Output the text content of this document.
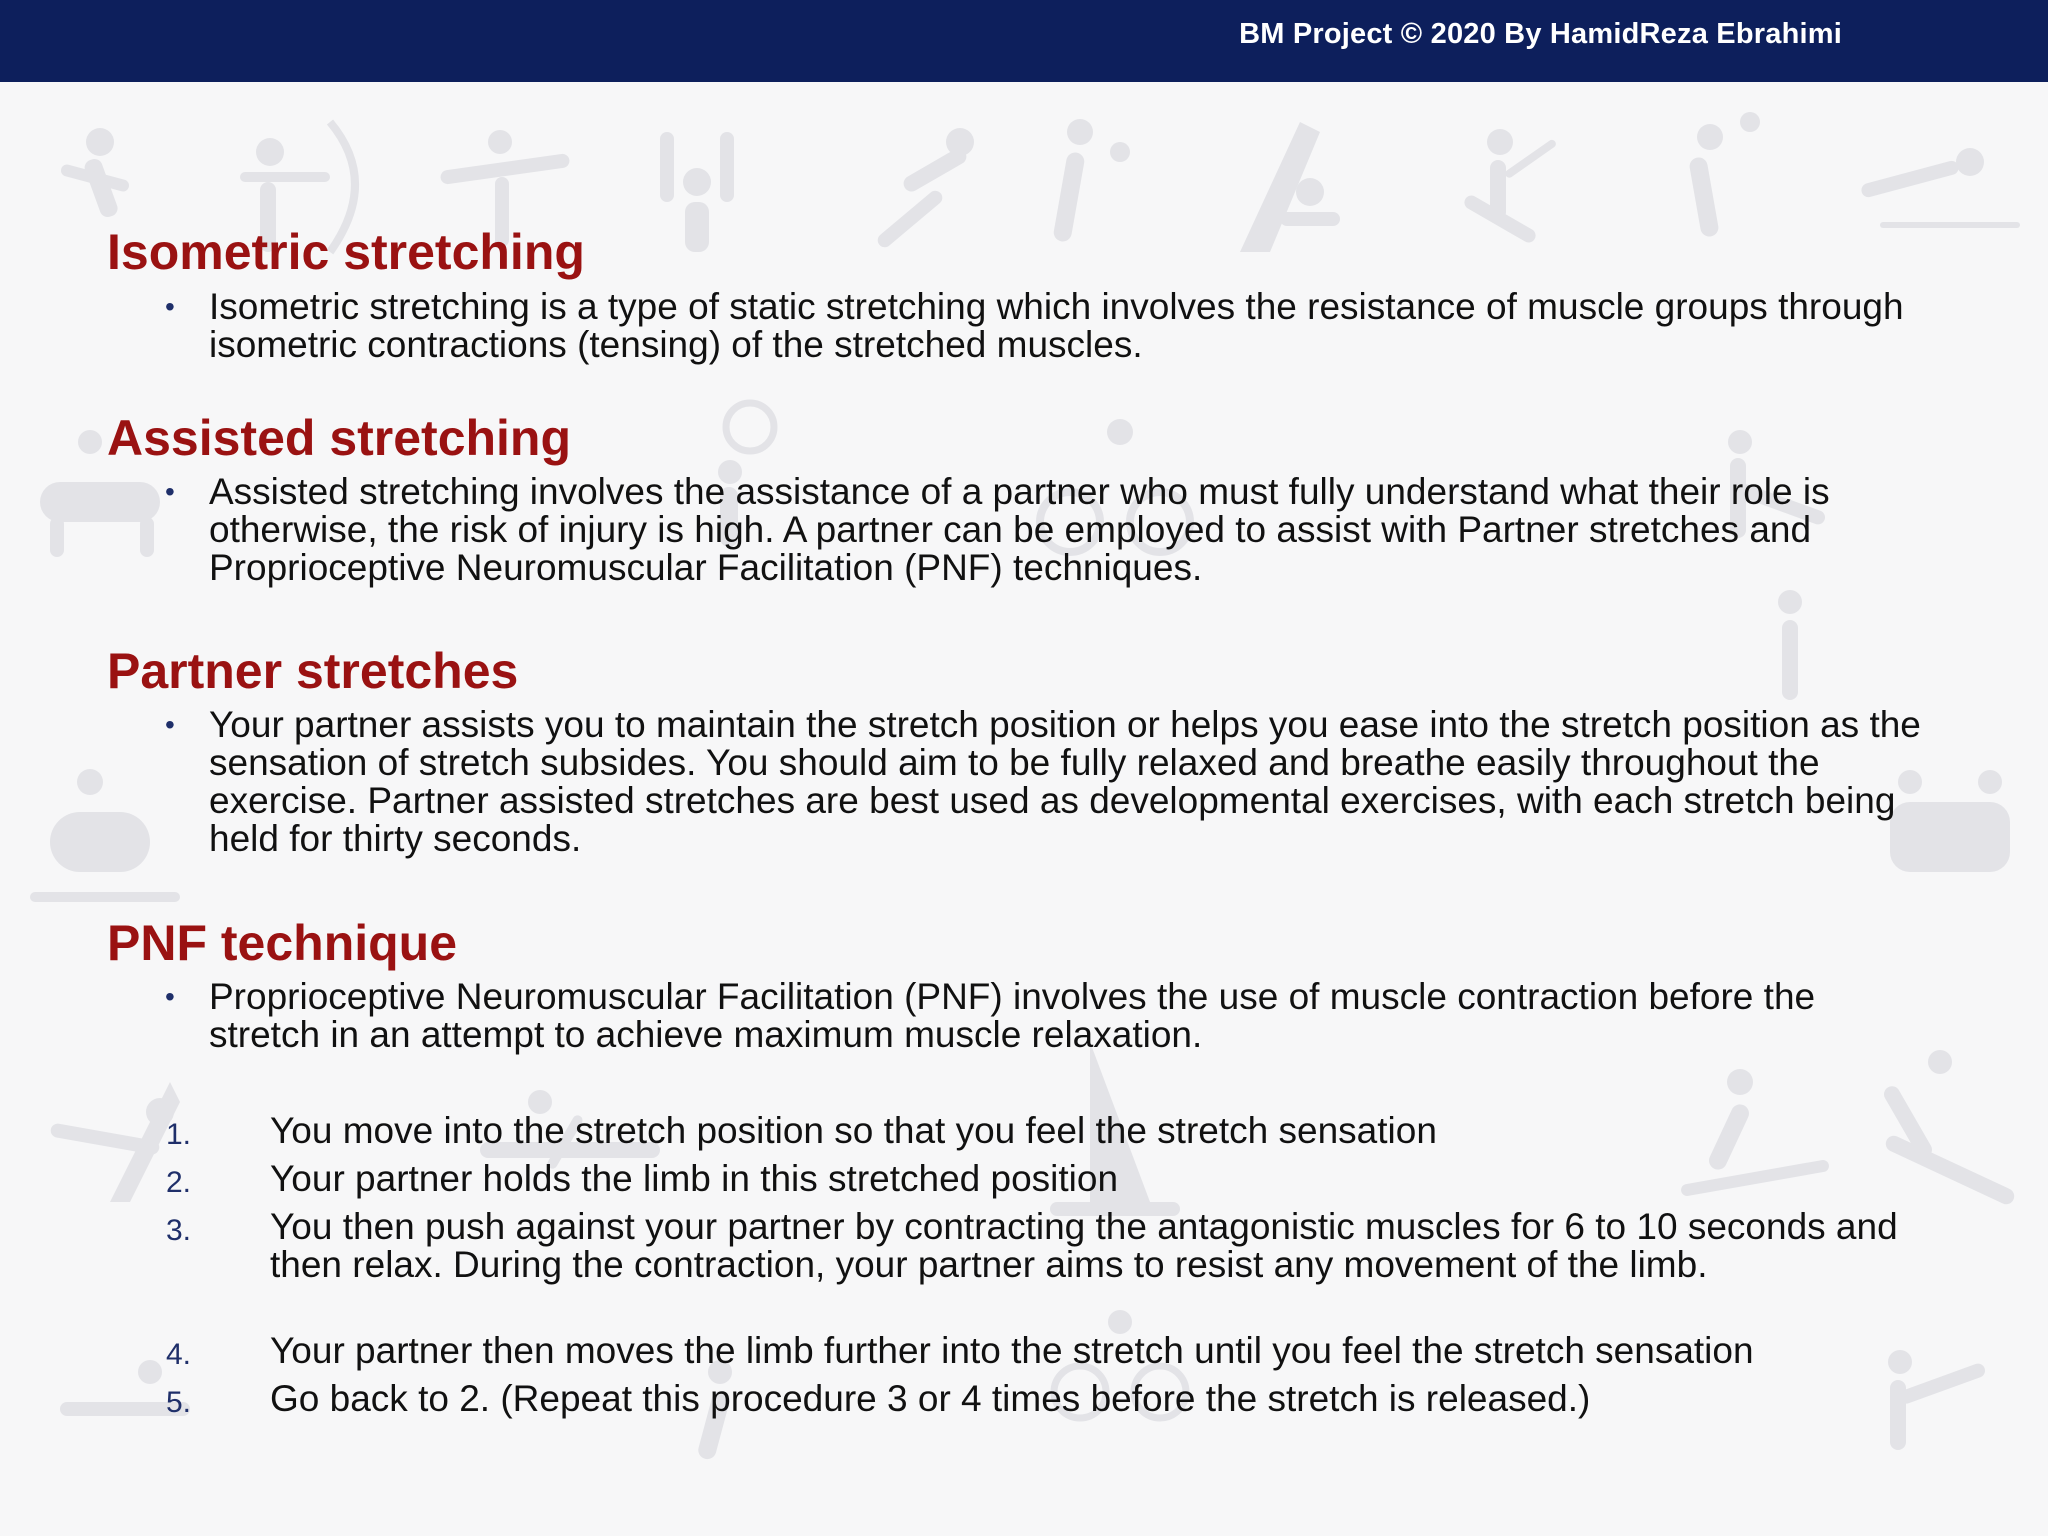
BM Project © 2020 By HamidReza Ebrahimi
Isometric stretching
• Isometric stretching is a type of static stretching which involves the resistance of muscle groups through isometric contractions (tensing) of the stretched muscles.
Assisted stretching
• Assisted stretching involves the assistance of a partner who must fully understand what their role is otherwise, the risk of injury is high. A partner can be employed to assist with Partner stretches and Proprioceptive Neuromuscular Facilitation (PNF) techniques.
Partner stretches
• Your partner assists you to maintain the stretch position or helps you ease into the stretch position as the sensation of stretch subsides. You should aim to be fully relaxed and breathe easily throughout the exercise. Partner assisted stretches are best used as developmental exercises, with each stretch being held for thirty seconds.
PNF technique
• Proprioceptive Neuromuscular Facilitation (PNF) involves the use of muscle contraction before the stretch in an attempt to achieve maximum muscle relaxation.
1.	You move into the stretch position so that you feel the stretch sensation
2.	Your partner holds the limb in this stretched position
3.	You then push against your partner by contracting the antagonistic muscles for 6 to 10 seconds and then relax. During the contraction, your partner aims to resist any movement of the limb.
4.	Your partner then moves the limb further into the stretch until you feel the stretch sensation
5.	Go back to 2. (Repeat this procedure 3 or 4 times before the stretch is released.)
